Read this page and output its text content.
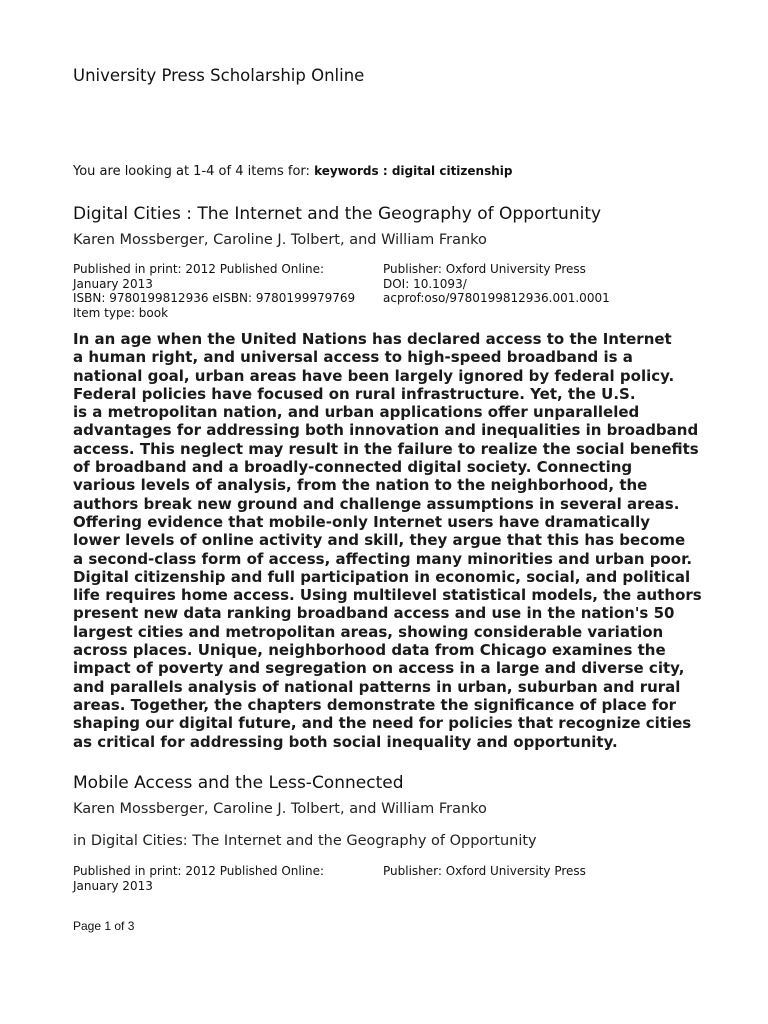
University Press Scholarship Online
You are looking at 1-4 of 4 items for: keywords : digital citizenship
Digital Cities : The Internet and the Geography of Opportunity
Karen Mossberger, Caroline J. Tolbert, and William Franko
Published in print: 2012 Published Online:
January 2013
ISBN: 9780199812936 eISBN: 9780199979769
Item type: book
Publisher: Oxford University Press
DOI: 10.1093/
acprof:oso/9780199812936.001.0001
In an age when the United Nations has declared access to the Internet
a human right, and universal access to high-speed broadband is a
national goal, urban areas have been largely ignored by federal policy.
Federal policies have focused on rural infrastructure. Yet, the U.S.
is a metropolitan nation, and urban applications offer unparalleled
advantages for addressing both innovation and inequalities in broadband
access. This neglect may result in the failure to realize the social benefits
of broadband and a broadly-connected digital society. Connecting
various levels of analysis, from the nation to the neighborhood, the
authors break new ground and challenge assumptions in several areas.
Offering evidence that mobile-only Internet users have dramatically
lower levels of online activity and skill, they argue that this has become
a second-class form of access, affecting many minorities and urban poor.
Digital citizenship and full participation in economic, social, and political
life requires home access. Using multilevel statistical models, the authors
present new data ranking broadband access and use in the nation's 50
largest cities and metropolitan areas, showing considerable variation
across places. Unique, neighborhood data from Chicago examines the
impact of poverty and segregation on access in a large and diverse city,
and parallels analysis of national patterns in urban, suburban and rural
areas. Together, the chapters demonstrate the significance of place for
shaping our digital future, and the need for policies that recognize cities
as critical for addressing both social inequality and opportunity.
Mobile Access and the Less-Connected
Karen Mossberger, Caroline J. Tolbert, and William Franko
in Digital Cities: The Internet and the Geography of Opportunity
Published in print: 2012 Published Online:
January 2013
Publisher: Oxford University Press
Page 1 of 3
